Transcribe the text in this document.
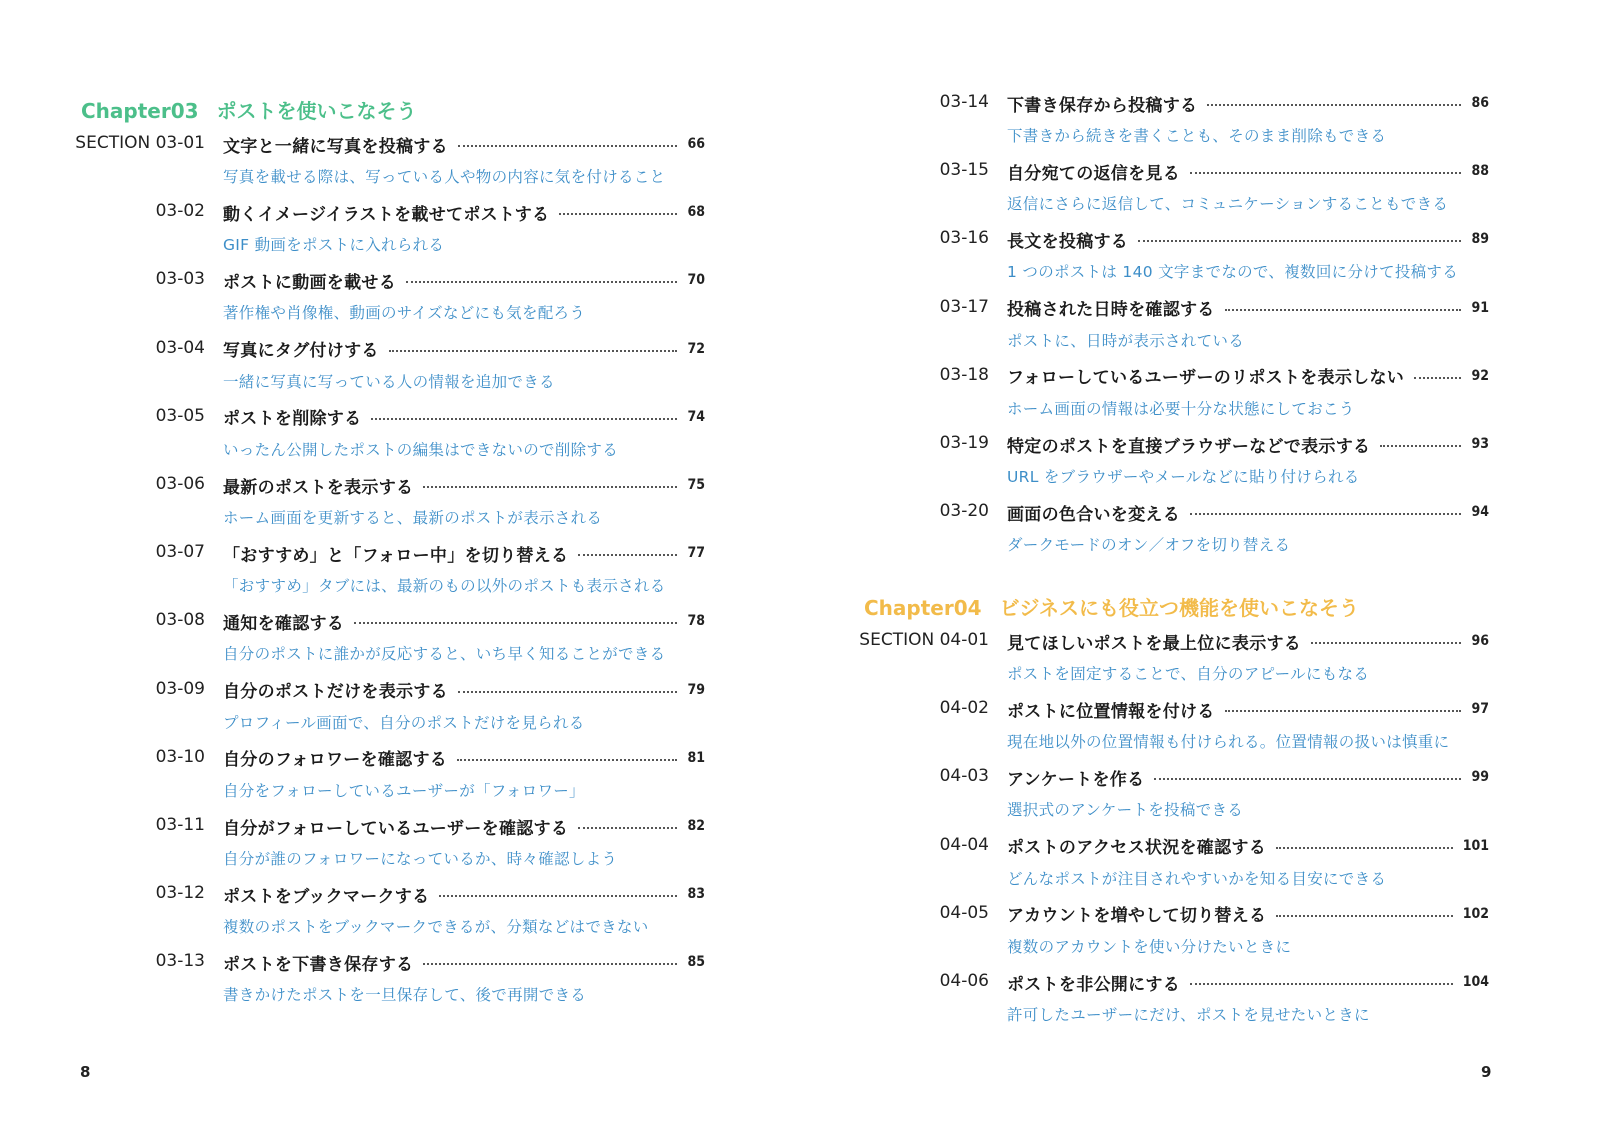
Chapter03 ポストを使いこなそう
SECTION 03-01 文字と一緒に写真を投稿する	66
写真を載せる際は、写っている人や物の内容に気を付けること
03-02 動くイメージイラストを載せてポストする	68
GIF 動画をポストに入れられる
03-03 ポストに動画を載せる	70
著作権や肖像権、動画のサイズなどにも気を配ろう
03-04 写真にタグ付けする	72
一緒に写真に写っている人の情報を追加できる
03-05 ポストを削除する	74
いったん公開したポストの編集はできないので削除する
03-06 最新のポストを表示する	75
ホーム画面を更新すると、最新のポストが表示される
03-07 「おすすめ」と「フォロー中」を切り替える	77
「おすすめ」タブには、最新のもの以外のポストも表示される
03-08 通知を確認する	78
自分のポストに誰かが反応すると、いち早く知ることができる
03-09 自分のポストだけを表示する	79
プロフィール画面で、自分のポストだけを見られる
03-10 自分のフォロワーを確認する	81
自分をフォローしているユーザーが「フォロワー」
03-11 自分がフォローしているユーザーを確認する	82
自分が誰のフォロワーになっているか、時々確認しよう
03-12 ポストをブックマークする	83
複数のポストをブックマークできるが、分類などはできない
03-13 ポストを下書き保存する	85
書きかけたポストを一旦保存して、後で再開できる
8
03-14 下書き保存から投稿する	86
下書きから続きを書くことも、そのまま削除もできる
03-15 自分宛ての返信を見る	88
返信にさらに返信して、コミュニケーションすることもできる
03-16 長文を投稿する	89
1 つのポストは 140 文字までなので、複数回に分けて投稿する
03-17 投稿された日時を確認する	91
ポストに、日時が表示されている
03-18 フォローしているユーザーのリポストを表示しない	92
ホーム画面の情報は必要十分な状態にしておこう
03-19 特定のポストを直接ブラウザーなどで表示する	93
URL をブラウザーやメールなどに貼り付けられる
03-20 画面の色合いを変える	94
ダークモードのオン／オフを切り替える
Chapter04 ビジネスにも役立つ機能を使いこなそう
SECTION 04-01 見てほしいポストを最上位に表示する	96
ポストを固定することで、自分のアピールにもなる
04-02 ポストに位置情報を付ける	97
現在地以外の位置情報も付けられる。位置情報の扱いは慎重に
04-03 アンケートを作る	99
選択式のアンケートを投稿できる
04-04 ポストのアクセス状況を確認する	101
どんなポストが注目されやすいかを知る目安にできる
04-05 アカウントを増やして切り替える	102
複数のアカウントを使い分けたいときに
04-06 ポストを非公開にする	104
許可したユーザーにだけ、ポストを見せたいときに
9
